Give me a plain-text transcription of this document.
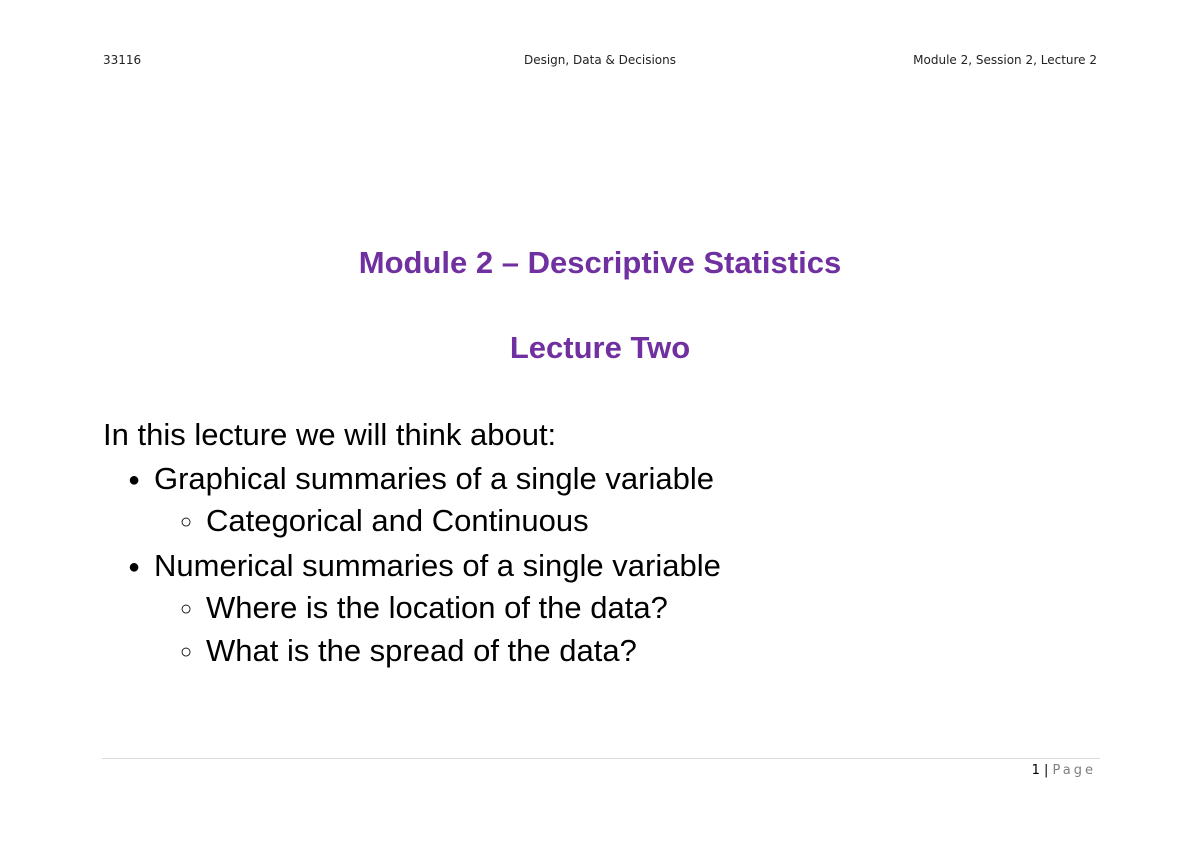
33116	Design, Data & Decisions	Module 2, Session 2, Lecture 2
Module 2 – Descriptive Statistics
Lecture Two
In this lecture we will think about:
● Graphical summaries of a single variable
○ Categorical and Continuous
● Numerical summaries of a single variable
○ Where is the location of the data?
○ What is the spread of the data?
1 | Page
